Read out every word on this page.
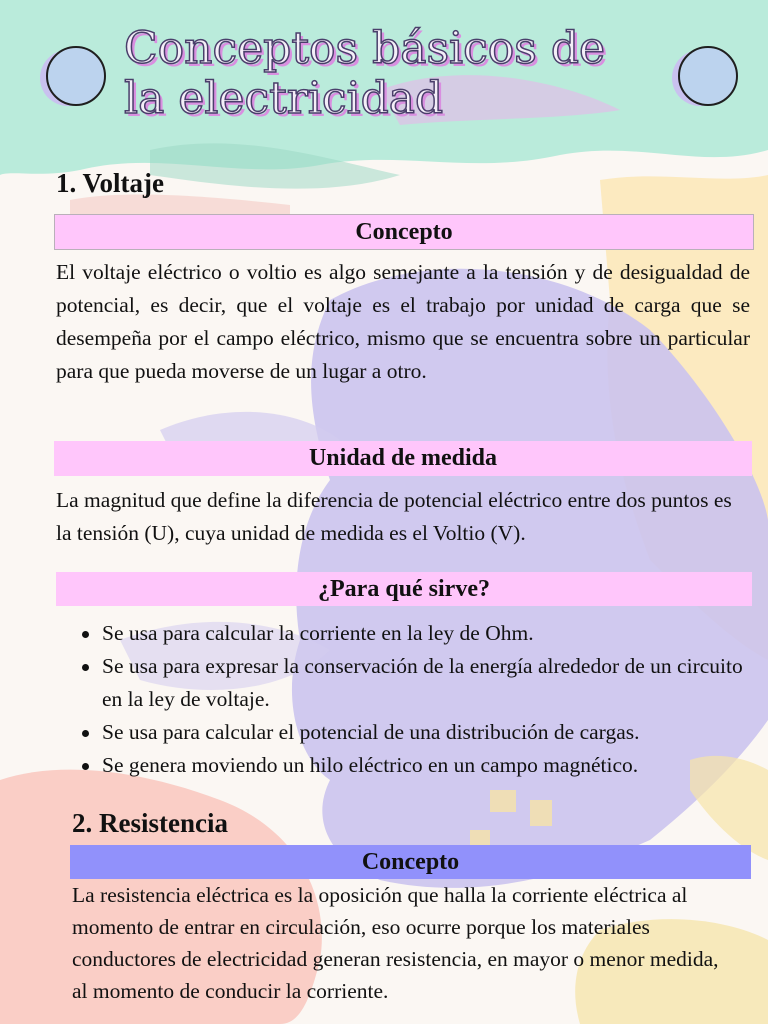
Conceptos básicos de
la electricidad
1. Voltaje
Concepto

El voltaje eléctrico o voltio es algo semejante a la tensión y de desigualdad de potencial, es decir, que el voltaje es el trabajo por unidad de carga que se desempeña por el campo eléctrico, mismo que se encuentra sobre un particular para que pueda moverse de un lugar a otro.

Unidad de medida

La magnitud que define la diferencia de potencial eléctrico entre dos puntos es la tensión (U), cuya unidad de medida es el Voltio (V).

¿Para qué sirve?
Se usa para calcular la corriente en la ley de Ohm.
Se usa para expresar la conservación de la energía alrededor de un circuito en la ley de voltaje.
Se usa para calcular el potencial de una distribución de cargas.
Se genera moviendo un hilo eléctrico en un campo magnético.
2. Resistencia
Concepto

La resistencia eléctrica es la oposición que halla la corriente eléctrica al momento de entrar en circulación, eso ocurre porque los materiales conductores de electricidad generan resistencia, en mayor o menor medida, al momento de conducir la corriente.
